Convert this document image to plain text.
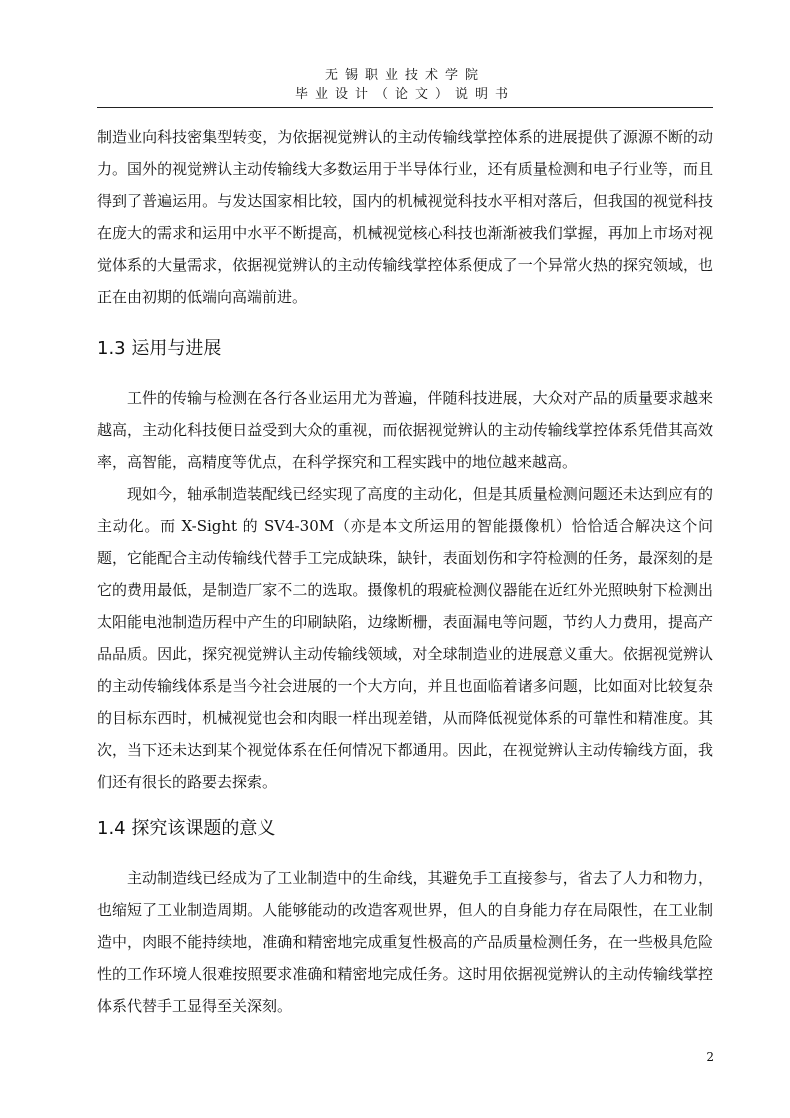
无锡职业技术学院
毕业设计（论文）说明书

制造业向科技密集型转变，为依据视觉辨认的主动传输线掌控体系的进展提供了源源不断的动力。国外的视觉辨认主动传输线大多数运用于半导体行业，还有质量检测和电子行业等，而且得到了普遍运用。与发达国家相比较，国内的机械视觉科技水平相对落后，但我国的视觉科技在庞大的需求和运用中水平不断提高，机械视觉核心科技也渐渐被我们掌握，再加上市场对视觉体系的大量需求，依据视觉辨认的主动传输线掌控体系便成了一个异常火热的探究领域，也正在由初期的低端向高端前进。

1.3 运用与进展

工件的传输与检测在各行各业运用尤为普遍，伴随科技进展，大众对产品的质量要求越来越高，主动化科技便日益受到大众的重视，而依据视觉辨认的主动传输线掌控体系凭借其高效率，高智能，高精度等优点，在科学探究和工程实践中的地位越来越高。

现如今，轴承制造装配线已经实现了高度的主动化，但是其质量检测问题还未达到应有的主动化。而 X-Sight 的 SV4-30M（亦是本文所运用的智能摄像机）恰恰适合解决这个问题，它能配合主动传输线代替手工完成缺珠，缺针，表面划伤和字符检测的任务，最深刻的是它的费用最低，是制造厂家不二的选取。摄像机的瑕疵检测仪器能在近红外光照映射下检测出太阳能电池制造历程中产生的印刷缺陷，边缘断栅，表面漏电等问题，节约人力费用，提高产品品质。因此，探究视觉辨认主动传输线领域，对全球制造业的进展意义重大。依据视觉辨认的主动传输线体系是当今社会进展的一个大方向，并且也面临着诸多问题，比如面对比较复杂的目标东西时，机械视觉也会和肉眼一样出现差错，从而降低视觉体系的可靠性和精准度。其次，当下还未达到某个视觉体系在任何情况下都通用。因此，在视觉辨认主动传输线方面，我们还有很长的路要去探索。

1.4 探究该课题的意义

主动制造线已经成为了工业制造中的生命线，其避免手工直接参与，省去了人力和物力，也缩短了工业制造周期。人能够能动的改造客观世界，但人的自身能力存在局限性，在工业制造中，肉眼不能持续地，准确和精密地完成重复性极高的产品质量检测任务，在一些极具危险性的工作环境人很难按照要求准确和精密地完成任务。这时用依据视觉辨认的主动传输线掌控体系代替手工显得至关深刻。

2
